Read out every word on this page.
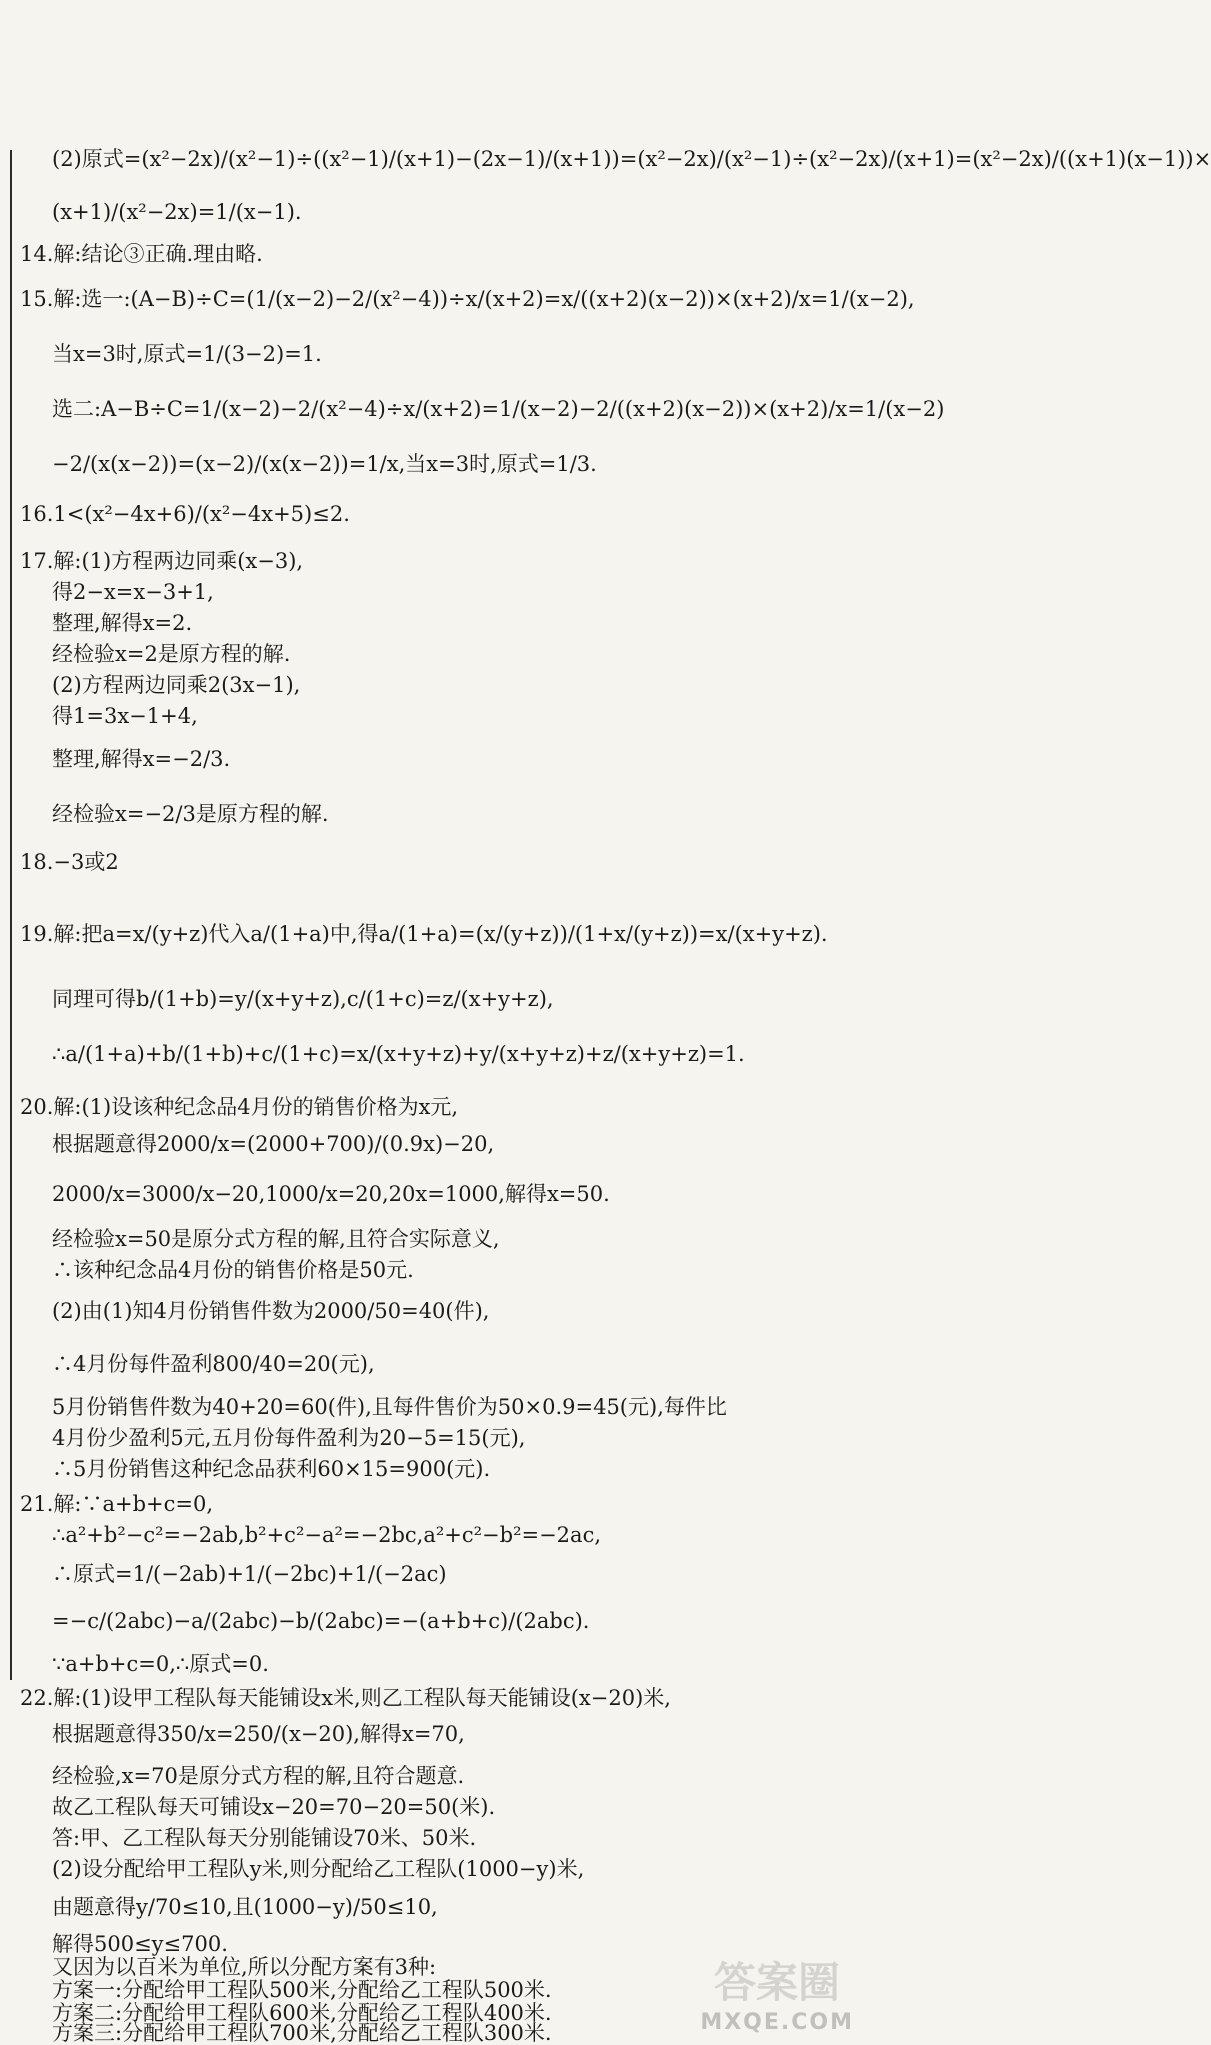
(2)原式=(x²−2x)/(x²−1)÷((x²−1)/(x+1)−(2x−1)/(x+1))=(x²−2x)/(x²−1)÷(x²−2x)/(x+1)=(x²−2x)/((x+1)(x−1))×
(x+1)/(x²−2x)=1/(x−1).
14.解:结论③正确.理由略.
15.解:选一:(A−B)÷C=(1/(x−2)−2/(x²−4))÷x/(x+2)=x/((x+2)(x−2))×(x+2)/x=1/(x−2),
当x=3时,原式=1/(3−2)=1.
选二:A−B÷C=1/(x−2)−2/(x²−4)÷x/(x+2)=1/(x−2)−2/((x+2)(x−2))×(x+2)/x=1/(x−2)
−2/(x(x−2))=(x−2)/(x(x−2))=1/x,当x=3时,原式=1/3.
16.1<(x²−4x+6)/(x²−4x+5)≤2.
17.解:(1)方程两边同乘(x−3),
得2−x=x−3+1,
整理,解得x=2.
经检验x=2是原方程的解.
(2)方程两边同乘2(3x−1),
得1=3x−1+4,
整理,解得x=−2/3.
经检验x=−2/3是原方程的解.
18.−3或2
19.解:把a=x/(y+z)代入a/(1+a)中,得a/(1+a)=(x/(y+z))/(1+x/(y+z))=x/(x+y+z).
同理可得b/(1+b)=y/(x+y+z),c/(1+c)=z/(x+y+z),
∴a/(1+a)+b/(1+b)+c/(1+c)=x/(x+y+z)+y/(x+y+z)+z/(x+y+z)=1.
20.解:(1)设该种纪念品4月份的销售价格为x元,
根据题意得2000/x=(2000+700)/(0.9x)−20,
2000/x=3000/x−20,1000/x=20,20x=1000,解得x=50.
经检验x=50是原分式方程的解,且符合实际意义,
∴该种纪念品4月份的销售价格是50元.
(2)由(1)知4月份销售件数为2000/50=40(件),
∴4月份每件盈利800/40=20(元),
5月份销售件数为40+20=60(件),且每件售价为50×0.9=45(元),每件比
4月份少盈利5元,五月份每件盈利为20−5=15(元),
∴5月份销售这种纪念品获利60×15=900(元).
21.解:∵a+b+c=0,
∴a²+b²−c²=−2ab,b²+c²−a²=−2bc,a²+c²−b²=−2ac,
∴原式=1/(−2ab)+1/(−2bc)+1/(−2ac)
=−c/(2abc)−a/(2abc)−b/(2abc)=−(a+b+c)/(2abc).
∵a+b+c=0,∴原式=0.
22.解:(1)设甲工程队每天能铺设x米,则乙工程队每天能铺设(x−20)米,
根据题意得350/x=250/(x−20),解得x=70,
经检验,x=70是原分式方程的解,且符合题意.
故乙工程队每天可铺设x−20=70−20=50(米).
答:甲、乙工程队每天分别能铺设70米、50米.
(2)设分配给甲工程队y米,则分配给乙工程队(1000−y)米,
由题意得y/70≤10,且(1000−y)/50≤10,
解得500≤y≤700.
又因为以百米为单位,所以分配方案有3种:
方案一:分配给甲工程队500米,分配给乙工程队500米.
方案二:分配给甲工程队600米,分配给乙工程队400米.
方案三:分配给甲工程队700米,分配给乙工程队300米.
答案圈
MXQE.COM
